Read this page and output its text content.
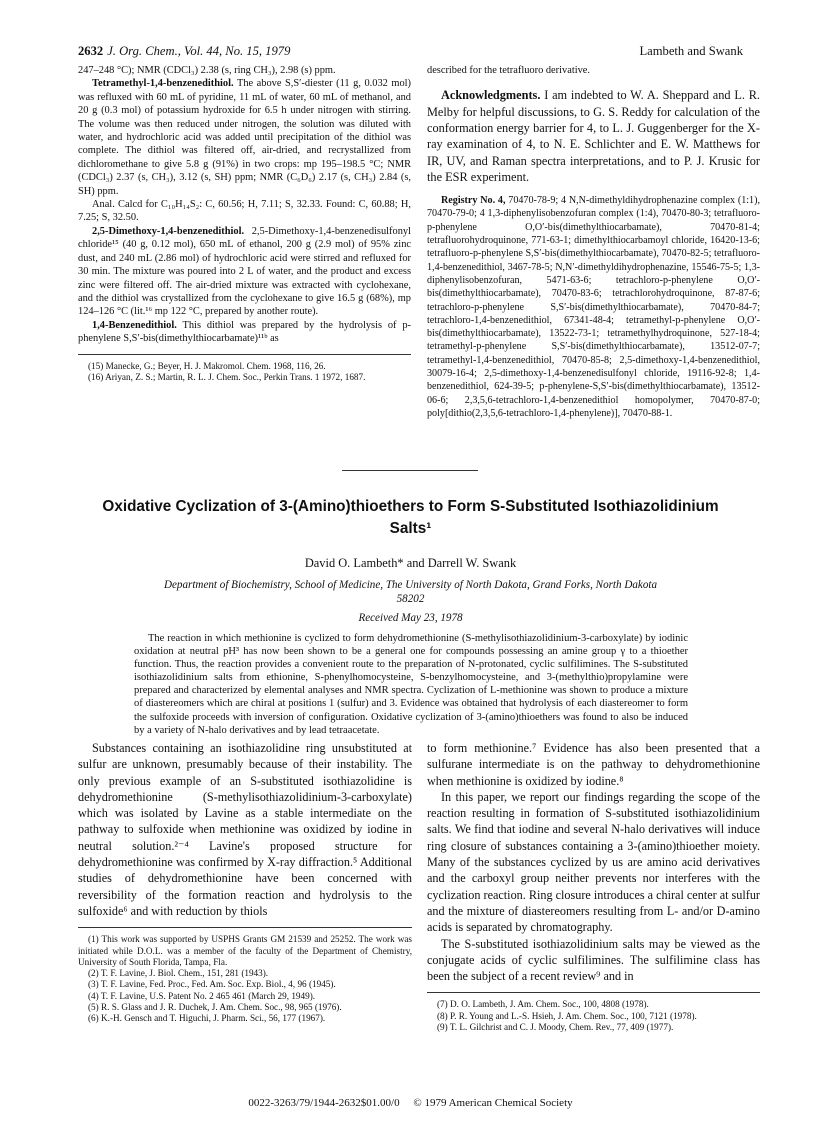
2632 J. Org. Chem., Vol. 44, No. 15, 1979	Lambeth and Swank

247–248 °C); NMR (CDCl₃) 2.38 (s, ring CH₃), 2.98 (s) ppm.

Tetramethyl-1,4-benzenedithiol. The above S,S′-diester (11 g, 0.032 mol) was refluxed with 60 mL of pyridine, 11 mL of water, 60 mL of methanol, and 20 g (0.3 mol) of potassium hydroxide for 6.5 h under nitrogen with stirring. The volume was then reduced under nitrogen, the solution was diluted with water, and hydrochloric acid was added until precipitation of the dithiol was complete. The dithiol was filtered off, air-dried, and recrystallized from dichloromethane to give 5.8 g (91%) in two crops: mp 195–198.5 °C; NMR (CDCl₃) 2.37 (s, CH₃), 3.12 (s, SH) ppm; NMR (C₆D₆) 2.17 (s, CH₃) 2.84 (s, SH) ppm.

Anal. Calcd for C₁₀H₁₄S₂: C, 60.56; H, 7.11; S, 32.33. Found: C, 60.88; H, 7.25; S, 32.50.

2,5-Dimethoxy-1,4-benzenedithiol. 2,5-Dimethoxy-1,4-benzenedisulfonyl chloride¹⁵ (40 g, 0.12 mol), 650 mL of ethanol, 200 g (2.9 mol) of 95% zinc dust, and 240 mL (2.86 mol) of hydrochloric acid were stirred and refluxed for 30 min. The mixture was poured into 2 L of water, and the product and excess zinc were filtered off. The air-dried mixture was extracted with cyclohexane, and the dithiol was crystallized from the cyclohexane to give 16.5 g (68%), mp 124–126 °C (lit.¹⁶ mp 122 °C, prepared by another route).

1,4-Benzenedithiol. This dithiol was prepared by the hydrolysis of p-phenylene S,S′-bis(dimethylthiocarbamate)¹¹ᵇ as

(15) Manecke, G.; Beyer, H. J. Makromol. Chem. 1968, 116, 26.
(16) Ariyan, Z. S.; Martin, R. L. J. Chem. Soc., Perkin Trans. 1 1972, 1687.

described for the tetrafluoro derivative.

Acknowledgments. I am indebted to W. A. Sheppard and L. R. Melby for helpful discussions, to G. S. Reddy for calculation of the conformation energy barrier for 4, to L. J. Guggenberger for the X-ray examination of 4, to N. E. Schlichter and E. W. Matthews for IR, UV, and Raman spectra interpretations, and to P. J. Krusic for the ESR experiment.

Registry No. 4, 70470-78-9; 4 N,N-dimethyldihydrophenazine complex (1:1), 70470-79-0; 4 1,3-diphenylisobenzofuran complex (1:4), 70470-80-3; tetrafluoro-p-phenylene O,O′-bis(dimethylthiocarbamate), 70470-81-4; tetrafluorohydroquinone, 771-63-1; dimethylthiocarbamoyl chloride, 16420-13-6; tetrafluoro-p-phenylene S,S′-bis(dimethylthiocarbamate), 70470-82-5; tetrafluoro-1,4-benzenedithiol, 3467-78-5; N,N′-dimethyldihydrophenazine, 15546-75-5; 1,3-diphenylisobenzofuran, 5471-63-6; tetrachloro-p-phenylene O,O′-bis(dimethylthiocarbamate), 70470-83-6; tetrachlorohydroquinone, 87-87-6; tetrachloro-p-phenylene S,S′-bis(dimethylthiocarbamate), 70470-84-7; tetrachloro-1,4-benzenedithiol, 67341-48-4; tetramethyl-p-phenylene O,O′-bis(dimethylthiocarbamate), 13522-73-1; tetramethylhydroquinone, 527-18-4; tetramethyl-p-phenylene S,S′-bis(dimethylthiocarbamate), 13512-07-7; tetramethyl-1,4-benzenedithiol, 70470-85-8; 2,5-dimethoxy-1,4-benzenedithiol, 30079-16-4; 2,5-dimethoxy-1,4-benzenedisulfonyl chloride, 19116-92-8; 1,4-benzenedithiol, 624-39-5; p-phenylene-S,S′-bis(dimethylthiocarbamate), 13512-06-6; 2,3,5,6-tetrachloro-1,4-benzenedithiol homopolymer, 70470-87-0; poly[dithio(2,3,5,6-tetrachloro-1,4-phenylene)], 70470-88-1.

Oxidative Cyclization of 3-(Amino)thioethers to Form S-Substituted Isothiazolidinium Salts¹
David O. Lambeth* and Darrell W. Swank
Department of Biochemistry, School of Medicine, The University of North Dakota, Grand Forks, North Dakota 58202
Received May 23, 1978
The reaction in which methionine is cyclized to form dehydromethionine (S-methylisothiazolidinium-3-carboxylate) by iodinic oxidation at neutral pH³ has now been shown to be a general one for compounds possessing an amine group γ to a thioether function. Thus, the reaction provides a convenient route to the preparation of N-protonated, cyclic sulfilimines. The S-substituted isothiazolidinium salts from ethionine, S-phenylhomocysteine, S-benzylhomocysteine, and 3-(methylthio)propylamine were prepared and characterized by elemental analyses and NMR spectra. Cyclization of L-methionine was shown to produce a mixture of diastereomers which are chiral at positions 1 (sulfur) and 3. Evidence was obtained that hydrolysis of each diastereomer to form the sulfoxide proceeds with inversion of configuration. Oxidative cyclization of 3-(amino)thioethers was found to also be induced by a variety of N-halo derivatives and by lead tetraacetate.

Substances containing an isothiazolidine ring unsubstituted at sulfur are unknown, presumably because of their instability. The only previous example of an S-substituted isothiazolidine is dehydromethionine (S-methylisothiazolidinium-3-carboxylate) which was isolated by Lavine as a stable intermediate on the pathway to sulfoxide when methionine was oxidized by iodine in neutral solution.²⁻⁴ Lavine's proposed structure for dehydromethionine was confirmed by X-ray diffraction.⁵ Additional studies of dehydromethionine have been concerned with reversibility of the formation reaction and hydrolysis to the sulfoxide⁶ and with reduction by thiols

(1) This work was supported by USPHS Grants GM 21539 and 25252. The work was initiated while D.O.L. was a member of the faculty of the Department of Chemistry, University of South Florida, Tampa, Fla.
(2) T. F. Lavine, J. Biol. Chem., 151, 281 (1943).
(3) T. F. Lavine, Fed. Proc., Fed. Am. Soc. Exp. Biol., 4, 96 (1945).
(4) T. F. Lavine, U.S. Patent No. 2 465 461 (March 29, 1949).
(5) R. S. Glass and J. R. Duchek, J. Am. Chem. Soc., 98, 965 (1976).
(6) K.-H. Gensch and T. Higuchi, J. Pharm. Sci., 56, 177 (1967).

to form methionine.⁷ Evidence has also been presented that a sulfurane intermediate is on the pathway to dehydromethionine when methionine is oxidized by iodine.⁸

In this paper, we report our findings regarding the scope of the reaction resulting in formation of S-substituted isothiazolidinium salts. We find that iodine and several N-halo derivatives will induce ring closure of substances containing a 3-(amino)thioether moiety. Many of the substances cyclized by us are amino acid derivatives and the carboxyl group neither prevents nor interferes with the cyclization reaction. Ring closure introduces a chiral center at sulfur and the mixture of diastereomers resulting from L- and/or D-amino acids is separated by chromatography.

The S-substituted isothiazolidinium salts may be viewed as the conjugate acids of cyclic sulfilimines. The sulfilimine class has been the subject of a recent review⁹ and in

(7) D. O. Lambeth, J. Am. Chem. Soc., 100, 4808 (1978).
(8) P. R. Young and L.-S. Hsieh, J. Am. Chem. Soc., 100, 7121 (1978).
(9) T. L. Gilchrist and C. J. Moody, Chem. Rev., 77, 409 (1977).
0022-3263/79/1944-2632$01.00/0 © 1979 American Chemical Society
